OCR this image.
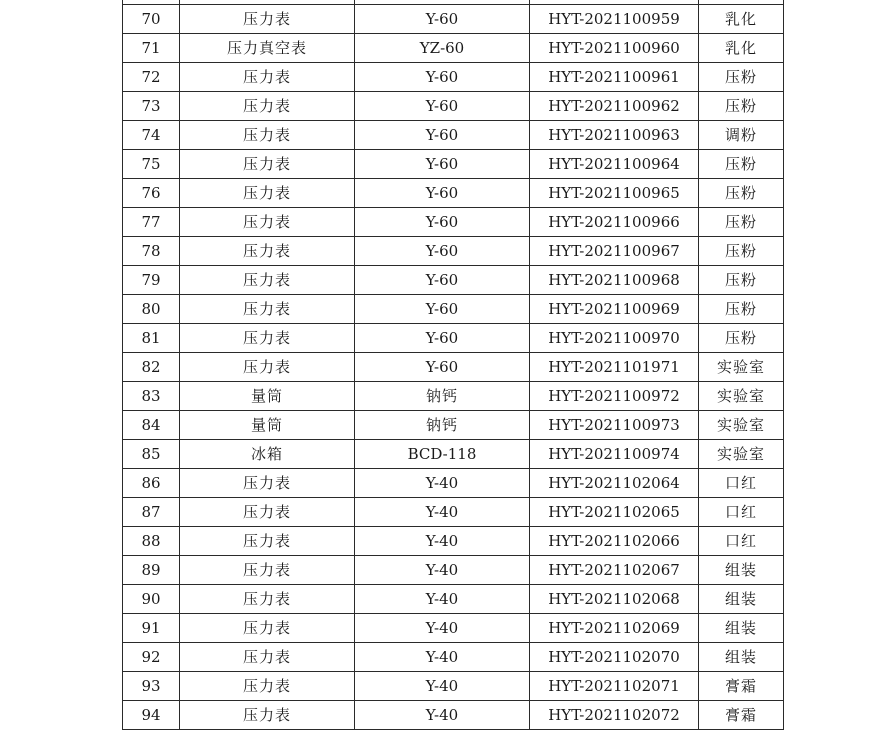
70	压力表	Y-60	HYT-2021100959	乳化
71	压力真空表	YZ-60	HYT-2021100960	乳化
72	压力表	Y-60	HYT-2021100961	压粉
73	压力表	Y-60	HYT-2021100962	压粉
74	压力表	Y-60	HYT-2021100963	调粉
75	压力表	Y-60	HYT-2021100964	压粉
76	压力表	Y-60	HYT-2021100965	压粉
77	压力表	Y-60	HYT-2021100966	压粉
78	压力表	Y-60	HYT-2021100967	压粉
79	压力表	Y-60	HYT-2021100968	压粉
80	压力表	Y-60	HYT-2021100969	压粉
81	压力表	Y-60	HYT-2021100970	压粉
82	压力表	Y-60	HYT-2021101971	实验室
83	量筒	钠钙	HYT-2021100972	实验室
84	量筒	钠钙	HYT-2021100973	实验室
85	冰箱	BCD-118	HYT-2021100974	实验室
86	压力表	Y-40	HYT-2021102064	口红
87	压力表	Y-40	HYT-2021102065	口红
88	压力表	Y-40	HYT-2021102066	口红
89	压力表	Y-40	HYT-2021102067	组装
90	压力表	Y-40	HYT-2021102068	组装
91	压力表	Y-40	HYT-2021102069	组装
92	压力表	Y-40	HYT-2021102070	组装
93	压力表	Y-40	HYT-2021102071	膏霜
94	压力表	Y-40	HYT-2021102072	膏霜
